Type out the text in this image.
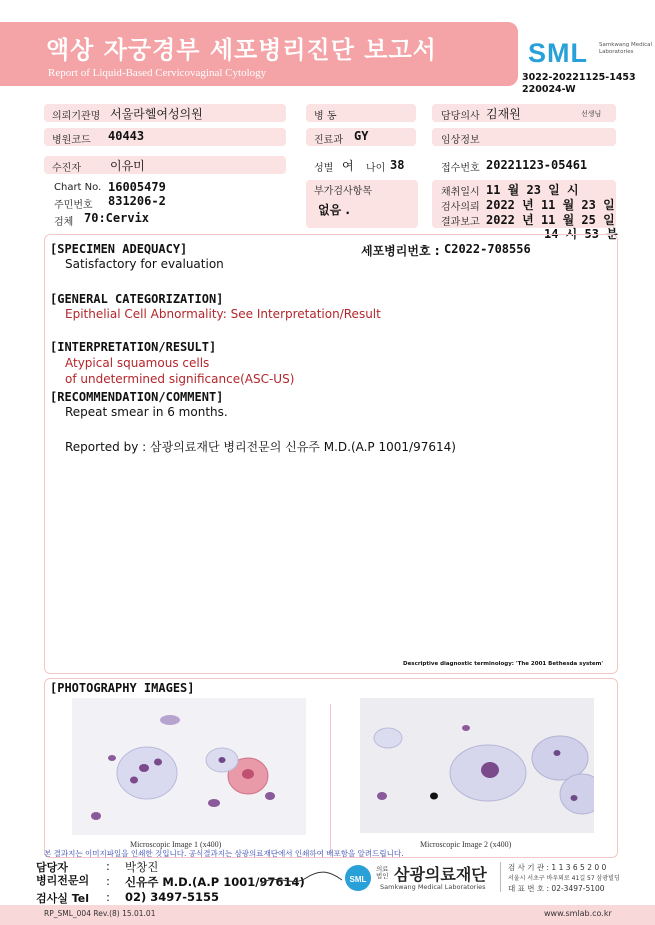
액상 자궁경부 세포병리진단 보고서
Report of Liquid-Based Cervicovaginal Cytology
SML Samkwang Medical Laboratories
3022-20221125-1453
220024-W
의뢰기관명 서울라헬여성의원	병 동	담당의사 김재원	선생님
병원코드 40443	진료과 GY	임상정보
수진자 이유미	성별 여 나이 38	접수번호 20221123-05461
Chart No. 16005479
주민번호 831206-2
검체 70:Cervix
부가검사항목
없음 .
채취일시 11 월 23 일 시
검사의뢰 2022 년 11 월 23 일
결과보고 2022 년 11 월 25 일
14 시 53 분
[SPECIMEN ADEQUACY]	세포병리번호 : C2022-708556
Satisfactory for evaluation
[GENERAL CATEGORIZATION]
Epithelial Cell Abnormality: See Interpretation/Result
[INTERPRETATION/RESULT]
Atypical squamous cells
of undetermined significance(ASC-US)
[RECOMMENDATION/COMMENT]
Repeat smear in 6 months.
Reported by : 삼광의료재단 병리전문의 신유주 M.D.(A.P 1001/97614)
Descriptive diagnostic terminology: 'The 2001 Bethesda system'
[PHOTOGRAPHY IMAGES]
Microscopic Image 1 (x400)	Microscopic Image 2 (x400)
본 결과지는 이미지파일을 인쇄한 것입니다. 공식결과지는 삼광의료재단에서 인쇄하여 배포함을 알려드립니다.
담당자	: 박창진
병리전문의 : 신유주 M.D.(A.P 1001/97614)
검사실 Tel : 02) 3497-5155
SML
의료법인 삼광의료재단
Samkwang Medical Laboratories
검 사 기 관 : 1 1 3 6 5 2 0 0
서울시 서초구 바우뫼로 41길 57 삼광빌딩
대 표 번 호 : 02-3497-5100
RP_SML_004 Rev.(8) 15.01.01	www.smlab.co.kr
